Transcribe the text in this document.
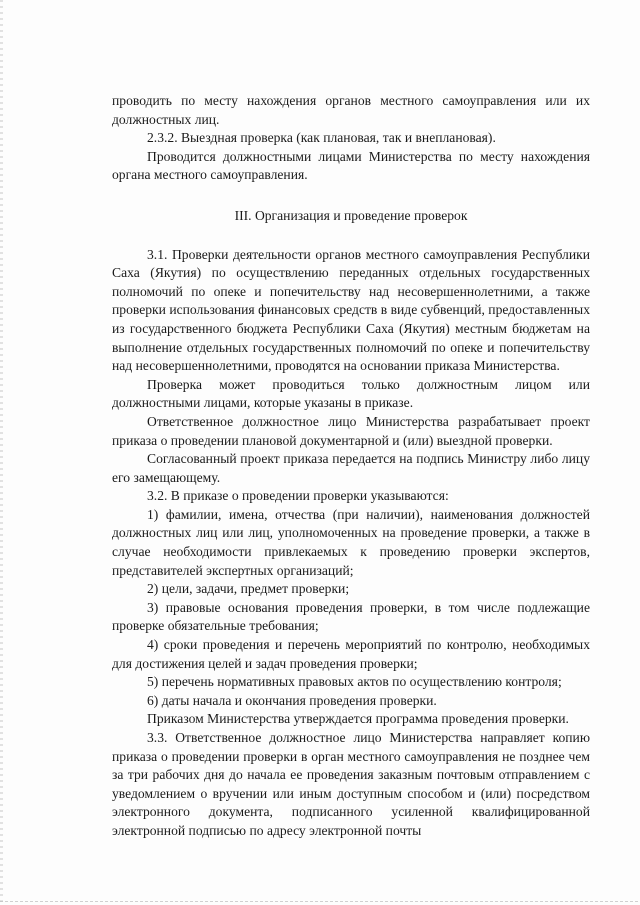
проводить по месту нахождения органов местного самоуправления или их должностных лиц.

2.3.2. Выездная проверка (как плановая, так и внеплановая).

Проводится должностными лицами Министерства по месту нахождения органа местного самоуправления.

III. Организация и проведение проверок

3.1. Проверки деятельности органов местного самоуправления Республики Саха (Якутия) по осуществлению переданных отдельных государственных полномочий по опеке и попечительству над несовершеннолетними, а также проверки использования финансовых средств в виде субвенций, предоставленных из государственного бюджета Республики Саха (Якутия) местным бюджетам на выполнение отдельных государственных полномочий по опеке и попечительству над несовершеннолетними, проводятся на основании приказа Министерства.

Проверка может проводиться только должностным лицом или должностными лицами, которые указаны в приказе.

Ответственное должностное лицо Министерства разрабатывает проект приказа о проведении плановой документарной и (или) выездной проверки.

Согласованный проект приказа передается на подпись Министру либо лицу его замещающему.

3.2. В приказе о проведении проверки указываются:

1) фамилии, имена, отчества (при наличии), наименования должностей должностных лиц или лиц, уполномоченных на проведение проверки, а также в случае необходимости привлекаемых к проведению проверки экспертов, представителей экспертных организаций;

2) цели, задачи, предмет проверки;

3) правовые основания проведения проверки, в том числе подлежащие проверке обязательные требования;

4) сроки проведения и перечень мероприятий по контролю, необходимых для достижения целей и задач проведения проверки;

5) перечень нормативных правовых актов по осуществлению контроля;

6) даты начала и окончания проведения проверки.

Приказом Министерства утверждается программа проведения проверки.

3.3. Ответственное должностное лицо Министерства направляет копию приказа о проведении проверки в орган местного самоуправления не позднее чем за три рабочих дня до начала ее проведения заказным почтовым отправлением с уведомлением о вручении или иным доступным способом и (или) посредством электронного документа, подписанного усиленной квалифицированной электронной подписью по адресу электронной почты
